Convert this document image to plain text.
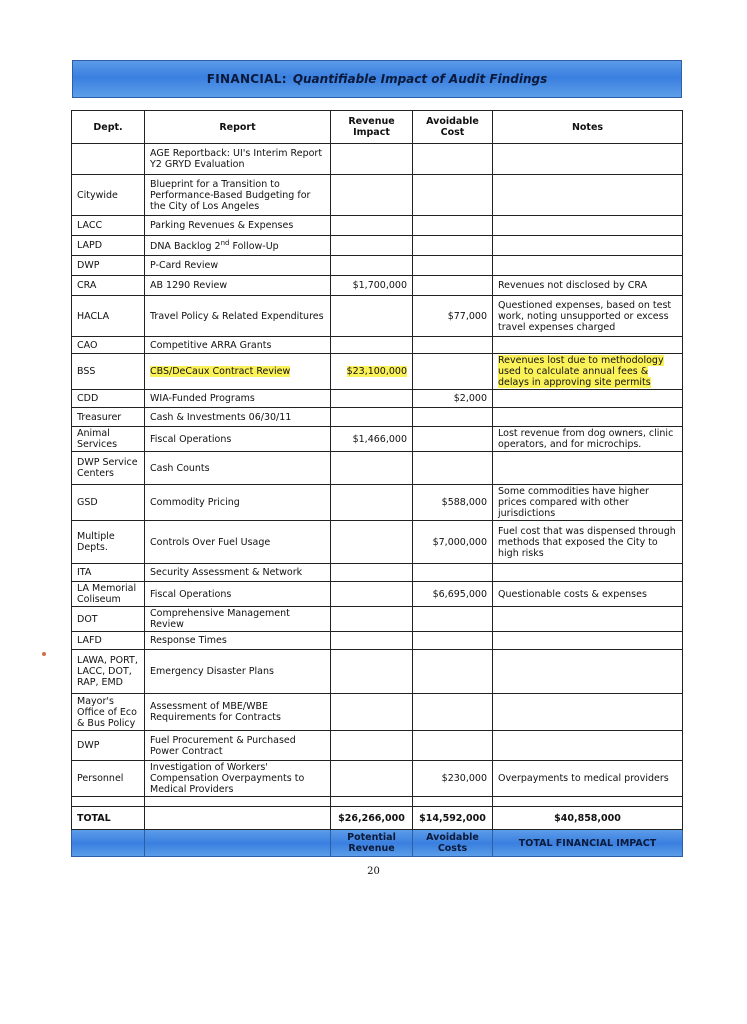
FINANCIAL: Quantifiable Impact of Audit Findings
Dept.	Report	Revenue Impact	Avoidable Cost	Notes
	AGE Reportback: UI's Interim Report Y2 GRYD Evaluation			
Citywide	Blueprint for a Transition to Performance-Based Budgeting for the City of Los Angeles			
LACC	Parking Revenues & Expenses			
LAPD	DNA Backlog 2nd Follow-Up			
DWP	P-Card Review			
CRA	AB 1290 Review	$1,700,000		Revenues not disclosed by CRA
HACLA	Travel Policy & Related Expenditures		$77,000	Questioned expenses, based on test work, noting unsupported or excess travel expenses charged
CAO	Competitive ARRA Grants			
BSS	CBS/DeCaux Contract Review	$23,100,000		Revenues lost due to methodology used to calculate annual fees & delays in approving site permits
CDD	WIA-Funded Programs		$2,000	
Treasurer	Cash & Investments 06/30/11			
Animal Services	Fiscal Operations	$1,466,000		Lost revenue from dog owners, clinic operators, and for microchips.
DWP Service Centers	Cash Counts			
GSD	Commodity Pricing		$588,000	Some commodities have higher prices compared with other jurisdictions
Multiple Depts.	Controls Over Fuel Usage		$7,000,000	Fuel cost that was dispensed through methods that exposed the City to high risks
ITA	Security Assessment & Network			
LA Memorial Coliseum	Fiscal Operations		$6,695,000	Questionable costs & expenses
DOT	Comprehensive Management Review			
LAFD	Response Times			
LAWA, PORT, LACC, DOT, RAP, EMD	Emergency Disaster Plans			
Mayor's Office of Eco & Bus Policy	Assessment of MBE/WBE Requirements for Contracts			
DWP	Fuel Procurement & Purchased Power Contract			
Personnel	Investigation of Workers' Compensation Overpayments to Medical Providers		$230,000	Overpayments to medical providers

TOTAL		$26,266,000	$14,592,000	$40,858,000
		Potential Revenue	Avoidable Costs	TOTAL FINANCIAL IMPACT
20
